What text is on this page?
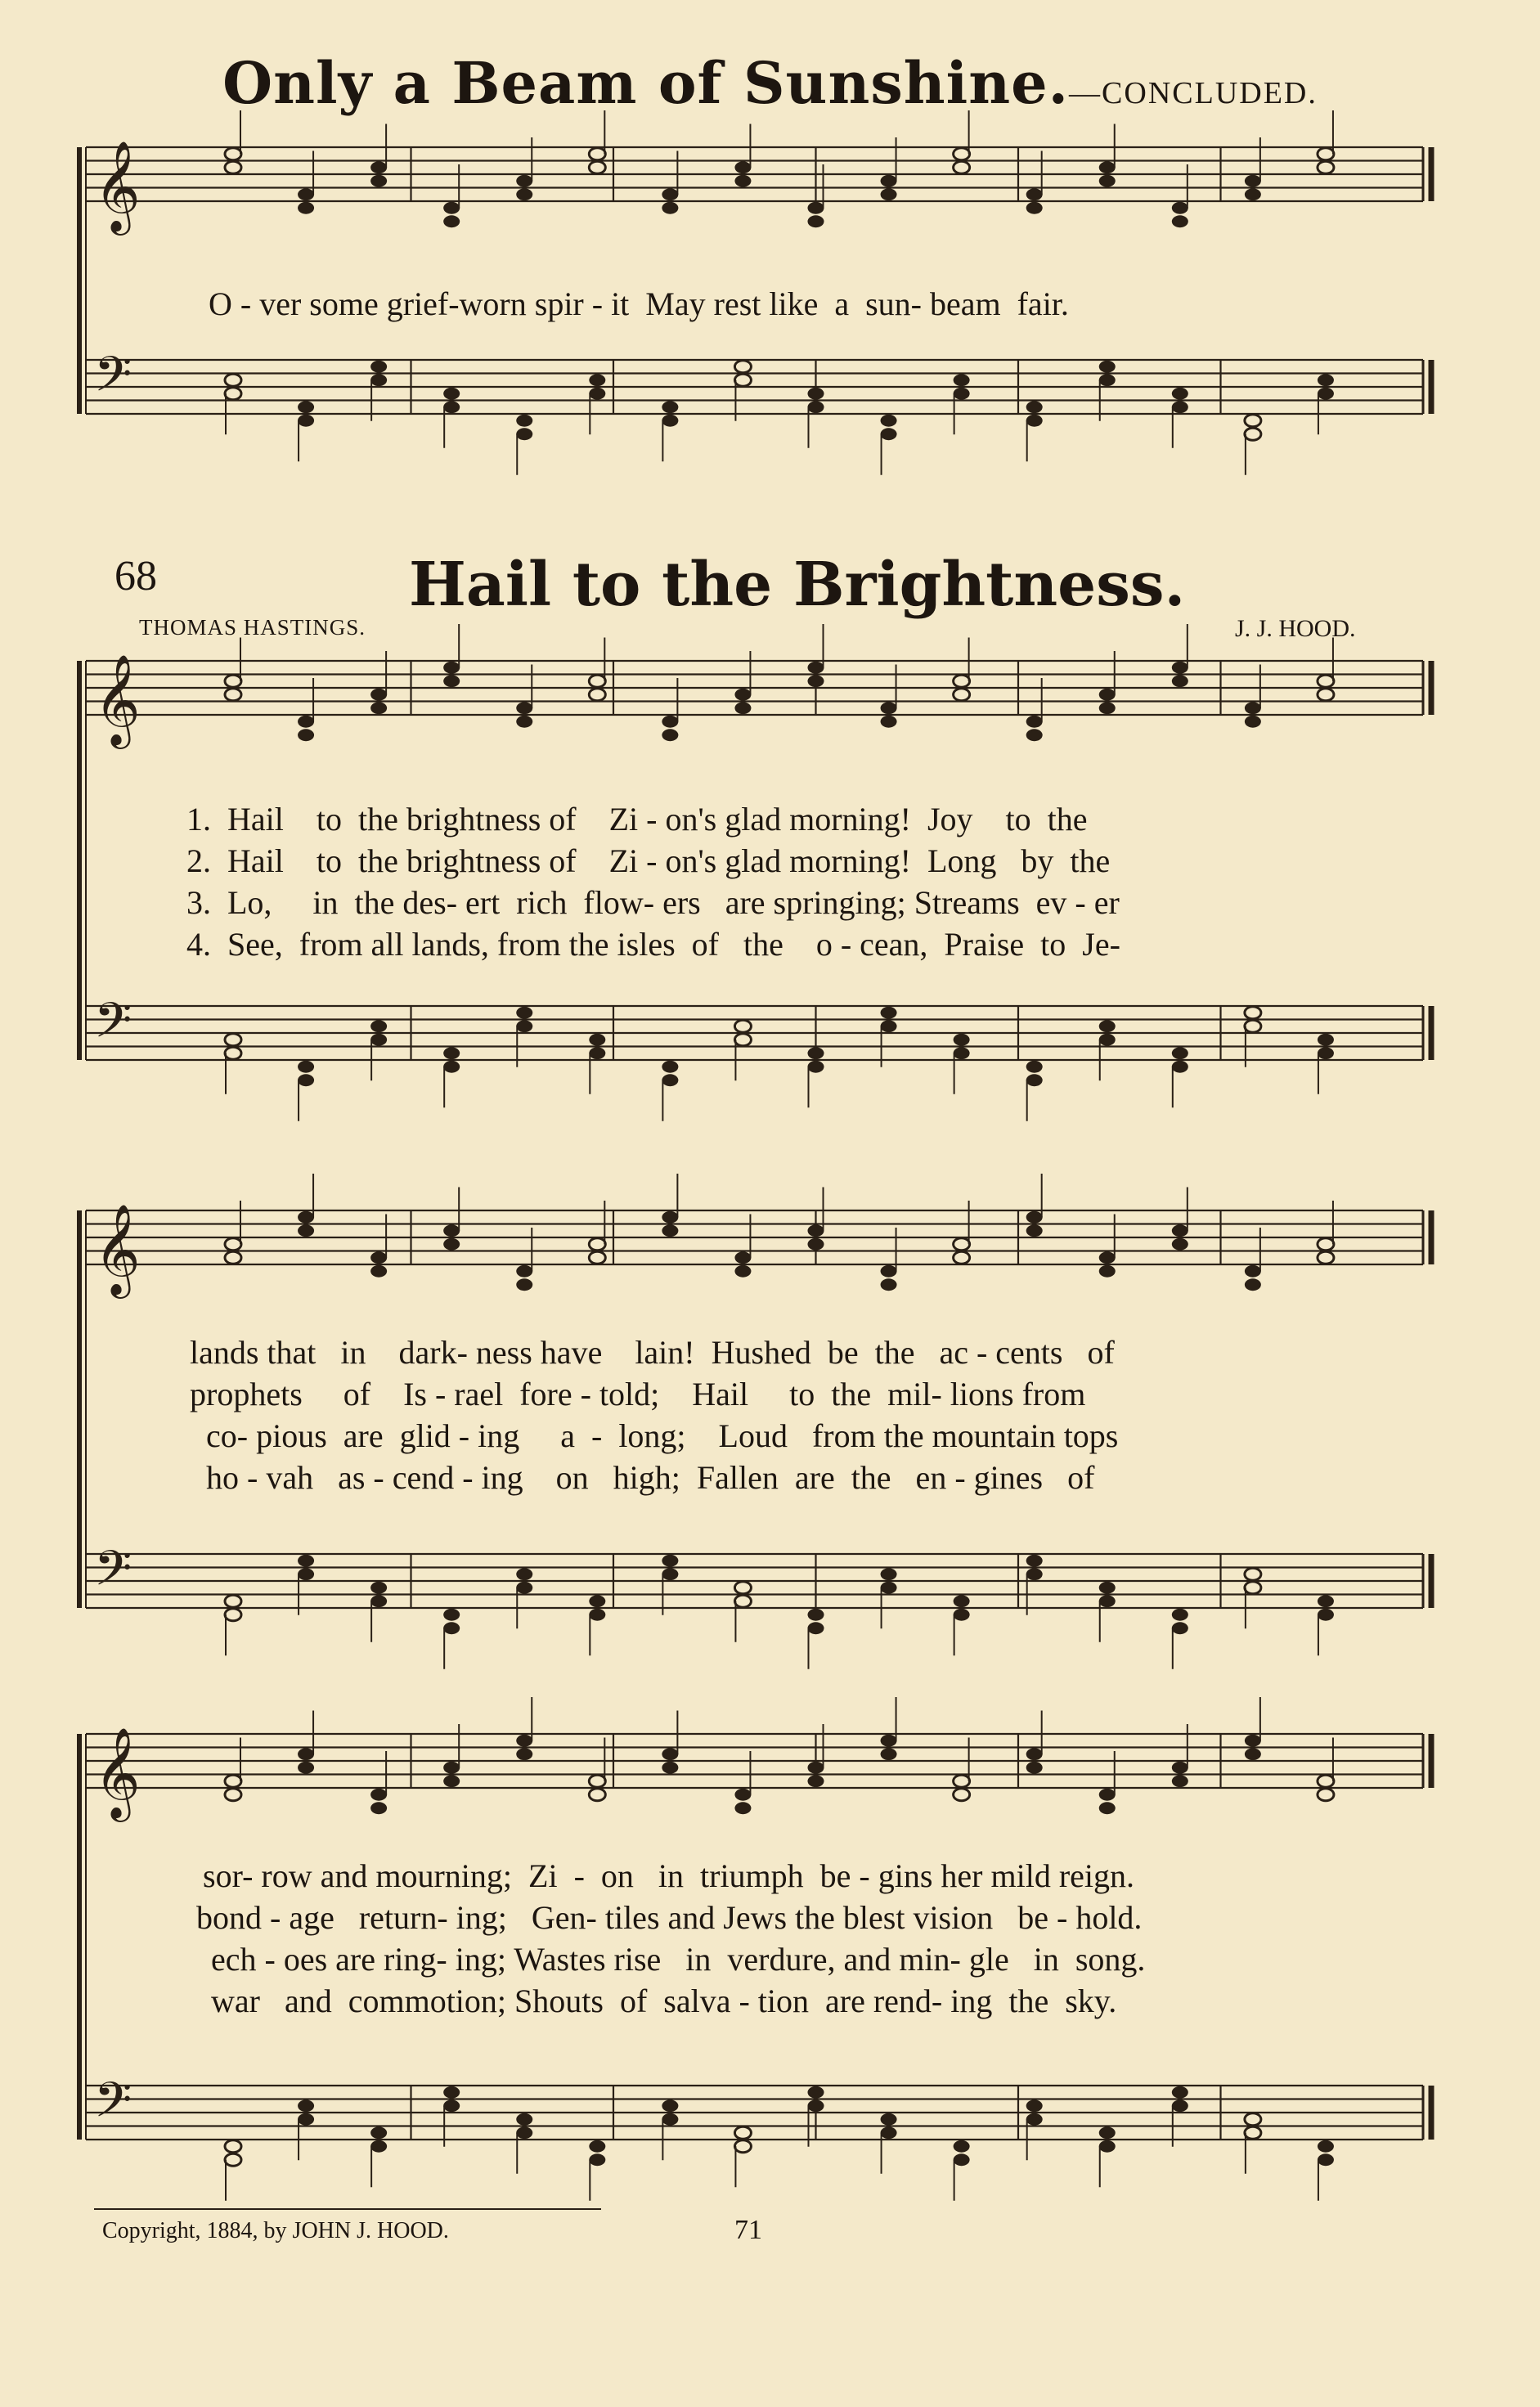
Only a Beam of Sunshine.—CONCLUDED.
𝄞
𝄢
𝄞
𝄢
𝄞
𝄢
𝄞
𝄢
O - ver some grief-worn spir - it  May rest like  a  sun- beam  fair.
68	Hail to the Brightness.
THOMAS HASTINGS.	J. J. HOOD.
1.  Hail    to  the brightness of    Zi - on's glad morning!  Joy    to  the
2.  Hail    to  the brightness of    Zi - on's glad morning!  Long   by  the
3.  Lo,     in  the des- ert  rich  flow- ers   are springing; Streams  ev - er
4.  See,  from all lands, from the isles  of   the    o - cean,  Praise  to  Je-
lands that   in    dark- ness have    lain!  Hushed  be  the   ac - cents   of
prophets     of    Is - rael  fore - told;    Hail     to  the  mil- lions from
co- pious  are  glid - ing     a  -  long;    Loud   from the mountain tops
ho - vah   as - cend - ing    on   high;  Fallen  are  the   en - gines   of
sor- row and mourning;  Zi  -  on   in  triumph  be - gins her mild reign.
bond - age   return- ing;   Gen- tiles and Jews the blest vision   be - hold.
ech - oes are ring- ing; Wastes rise   in  verdure, and min- gle   in  song.
war   and  commotion; Shouts  of  salva - tion  are rend- ing  the  sky.
Copyright, 1884, by JOHN J. HOOD.	71
